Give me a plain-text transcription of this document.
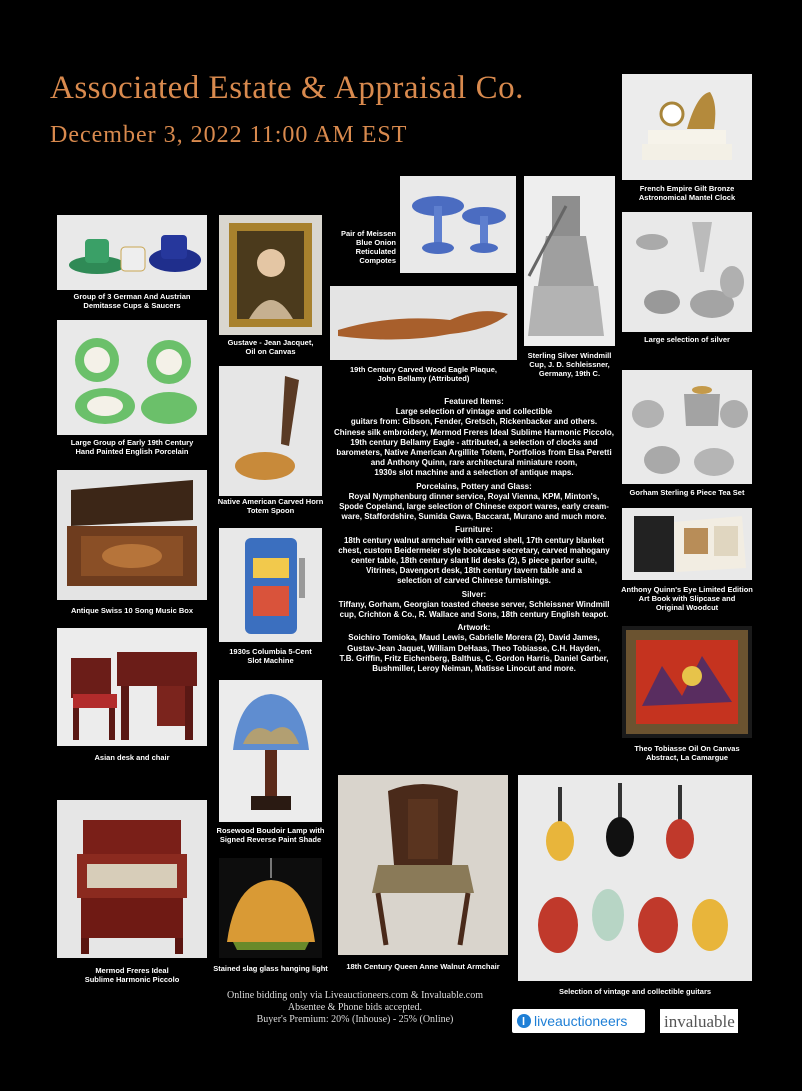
Associated Estate & Appraisal Co.
December 3, 2022 11:00 AM EST
French Empire Gilt Bronze
Astronomical Mantel Clock
Group of 3 German And Austrian
Demitasse Cups & Saucers
Gustave - Jean Jacquet,
Oil on Canvas
Pair of Meissen
Blue Onion
Reticulated
Compotes
Sterling Silver Windmill
Cup, J. D. Schleissner,
Germany, 19th C.
Large selection of silver
Large Group of Early 19th Century
Hand Painted English Porcelain
19th Century Carved Wood Eagle Plaque,
John Bellamy (Attributed)
Native American Carved Horn
Totem Spoon
Gorham Sterling 6 Piece Tea Set
Antique Swiss 10 Song Music Box
1930s Columbia 5-Cent
Slot Machine
Anthony Quinn's Eye Limited Edition
Art Book with Slipcase and
Original Woodcut
Asian desk and chair
Theo Tobiasse Oil On Canvas
Abstract, La Camargue
Rosewood Boudoir Lamp with
Signed Reverse Paint Shade
Mermod Freres Ideal
Sublime Harmonic Piccolo
Stained slag glass hanging light	18th Century Queen Anne Walnut Armchair
Selection of vintage and collectible guitars
Featured Items:
Large selection of vintage and collectible
guitars from: Gibson, Fender, Gretsch, Rickenbacker and others.
Chinese silk embroidery, Mermod Freres Ideal Sublime Harmonic Piccolo,
19th century Bellamy Eagle - attributed, a selection of clocks and
barometers, Native American Argillite Totem, Portfolios from Elsa Peretti
and Anthony Quinn, rare architectural miniature room,
1930s slot machine and a selection of antique maps.
Porcelains, Pottery and Glass:
Royal Nymphenburg dinner service, Royal Vienna, KPM, Minton's,
Spode Copeland, large selection of Chinese export wares, early cream-
ware, Staffordshire, Sumida Gawa, Baccarat, Murano and much more.
Furniture:
18th century walnut armchair with carved shell, 17th century blanket
chest, custom Beidermeier style bookcase secretary, carved mahogany
center table, 18th century slant lid desks (2), 5 piece parlor suite,
Vitrines, Davenport desk, 18th century tavern table and a
selection of carved Chinese furnishings.
Silver:
Tiffany, Gorham, Georgian toasted cheese server, Schleissner Windmill
cup, Crichton & Co., R. Wallace and Sons, 18th century English teapot.
Artwork:
Soichiro Tomioka, Maud Lewis, Gabrielle Morera (2), David James,
Gustav-Jean Jaquet, William DeHaas, Theo Tobiasse, C.H. Hayden,
T.B. Griffin, Fritz Eichenberg, Balthus, C. Gordon Harris, Daniel Garber,
Bushmiller, Leroy Neiman, Matisse Linocut and more.
Online bidding only via Liveauctioneers.com & Invaluable.com
Absentee & Phone bids accepted.
Buyer's Premium: 20% (Inhouse) - 25% (Online)	l liveauctioneers invaluable
